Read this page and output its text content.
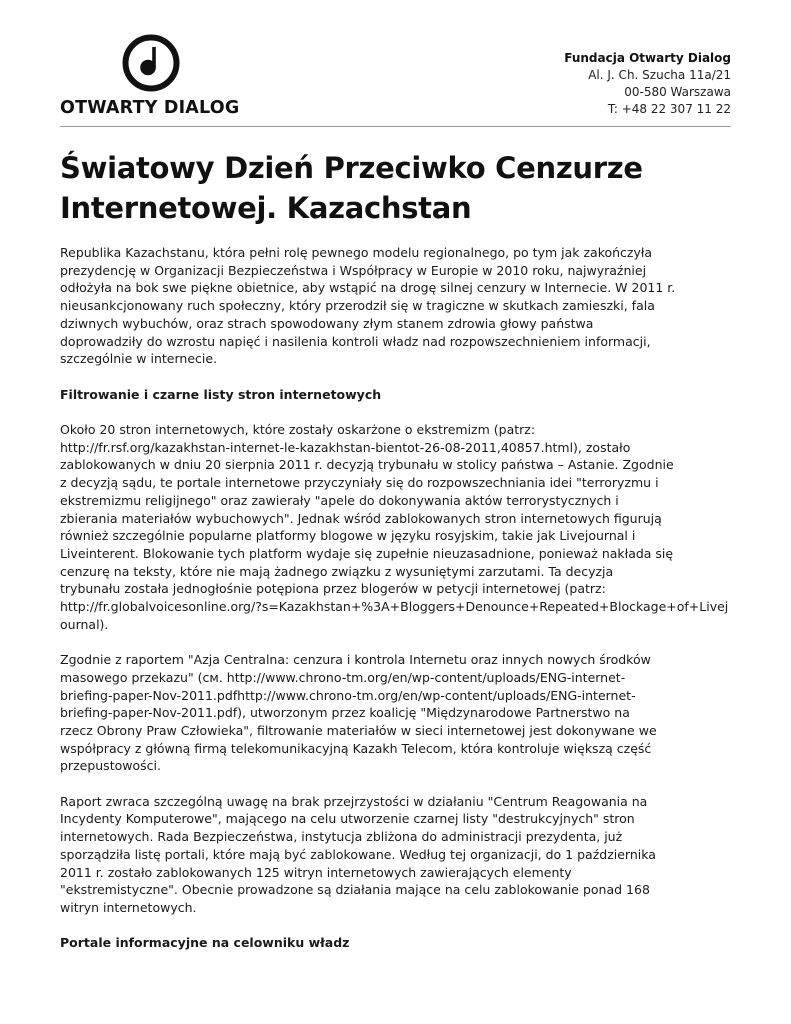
OTWARTY DIALOG
Fundacja Otwarty Dialog
Al. J. Ch. Szucha 11a/21
00-580 Warszawa
T: +48 22 307 11 22
Światowy Dzień Przeciwko Cenzurze Internetowej. Kazachstan

Republika Kazachstanu, która pełni rolę pewnego modelu regionalnego, po tym jak zakończyła
prezydencję w Organizacji Bezpieczeństwa i Współpracy w Europie w 2010 roku, najwyraźniej
odłożyła na bok swe piękne obietnice, aby wstąpić na drogę silnej cenzury w Internecie. W 2011 r.
nieusankcjonowany ruch społeczny, który przerodził się w tragiczne w skutkach zamieszki, fala
dziwnych wybuchów, oraz strach spowodowany złym stanem zdrowia głowy państwa
doprowadziły do wzrostu napięć i nasilenia kontroli władz nad rozpowszechnieniem informacji,
szczególnie w internecie.

Filtrowanie i czarne listy stron internetowych

Około 20 stron internetowych, które zostały oskarżone o ekstremizm (patrz:
http://fr.rsf.org/kazakhstan-internet-le-kazakhstan-bientot-26-08-2011,40857.html), zostało
zablokowanych w dniu 20 sierpnia 2011 r. decyzją trybunału w stolicy państwa – Astanie. Zgodnie
z decyzją sądu, te portale internetowe przyczyniały się do rozpowszechniania idei "terroryzmu i
ekstremizmu religijnego" oraz zawierały "apele do dokonywania aktów terrorystycznych i
zbierania materiałów wybuchowych". Jednak wśród zablokowanych stron internetowych figurują
również szczególnie popularne platformy blogowe w języku rosyjskim, takie jak Livejournal i
Liveinterent. Blokowanie tych platform wydaje się zupełnie nieuzasadnione, ponieważ nakłada się
cenzurę na teksty, które nie mają żadnego związku z wysuniętymi zarzutami. Ta decyzja
trybunału została jednogłośnie potępiona przez blogerów w petycji internetowej (patrz:
http://fr.globalvoicesonline.org/?s=Kazakhstan+%3A+Bloggers+Denounce+Repeated+Blockage+of+Livej
ournal).

Zgodnie z raportem "Azja Centralna: cenzura i kontrola Internetu oraz innych nowych środków
masowego przekazu" (см. http://www.chrono-tm.org/en/wp-content/uploads/ENG-internet-
briefing-paper-Nov-2011.pdfhttp://www.chrono-tm.org/en/wp-content/uploads/ENG-internet-
briefing-paper-Nov-2011.pdf), utworzonym przez koalicję "Międzynarodowe Partnerstwo na
rzecz Obrony Praw Człowieka", filtrowanie materiałów w sieci internetowej jest dokonywane we
współpracy z główną firmą telekomunikacyjną Kazakh Telecom, która kontroluje większą część
przepustowości.

Raport zwraca szczególną uwagę na brak przejrzystości w działaniu "Centrum Reagowania na
Incydenty Komputerowe", mającego na celu utworzenie czarnej listy "destrukcyjnych" stron
internetowych. Rada Bezpieczeństwa, instytucja zbliżona do administracji prezydenta, już
sporządziła listę portali, które mają być zablokowane. Według tej organizacji, do 1 października
2011 r. zostało zablokowanych 125 witryn internetowych zawierających elementy
"ekstremistyczne". Obecnie prowadzone są działania mające na celu zablokowanie ponad 168
witryn internetowych.

Portale informacyjne na celowniku władz
